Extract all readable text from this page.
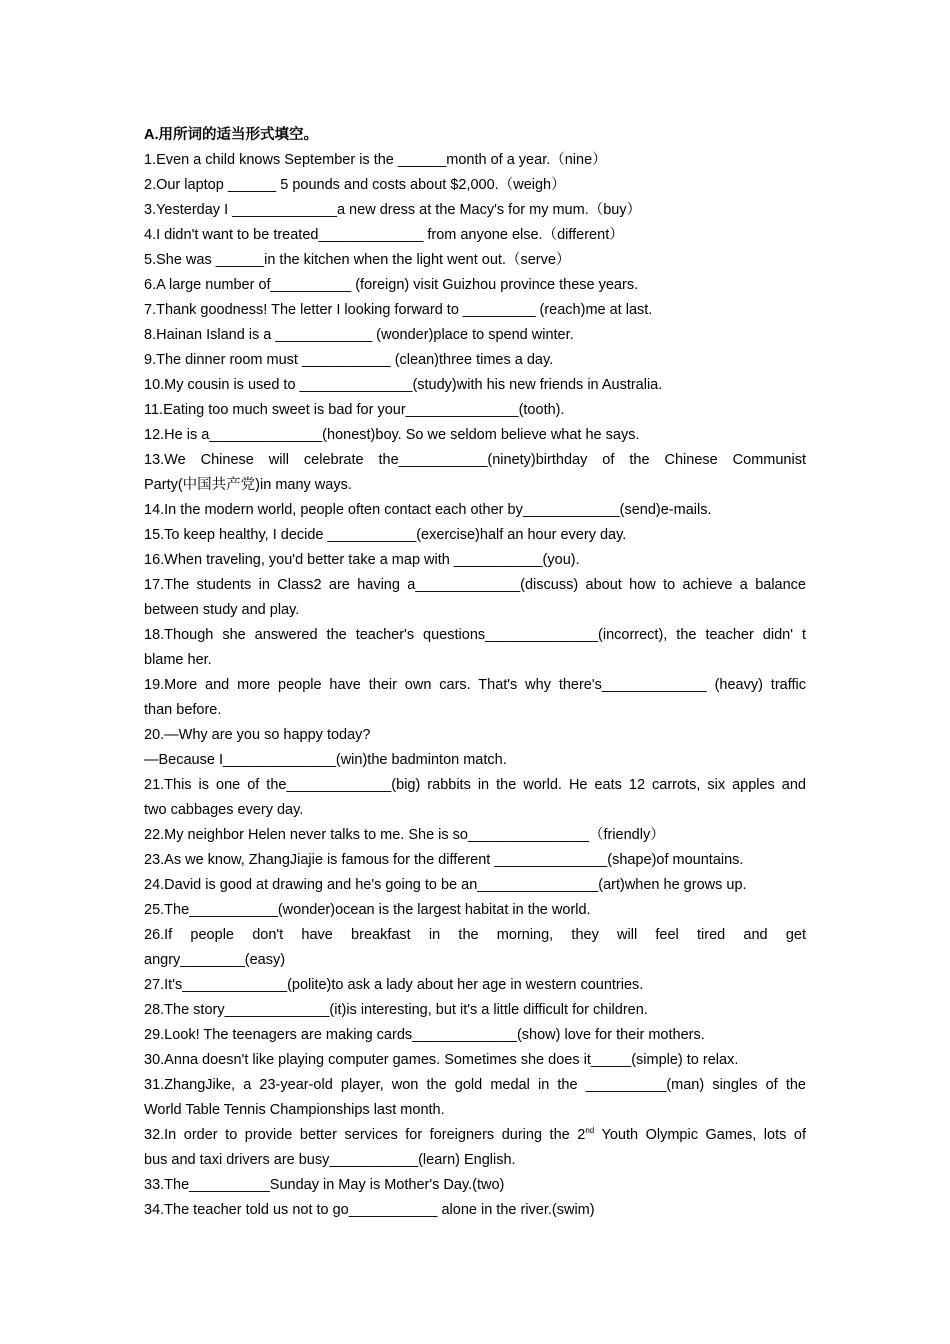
A.用所词的适当形式填空。
1.Even a child knows September is the ______month of a year.（nine）
2.Our laptop ______ 5 pounds and costs about $2,000.（weigh）
3.Yesterday I _____________a new dress at the Macy's for my mum.（buy）
4.I didn't want to be treated_____________ from anyone else.（different）
5.She was ______in the kitchen when the light went out.（serve）
6.A large number of__________ (foreign) visit Guizhou province these years.
7.Thank goodness! The letter I looking forward to _________ (reach)me at last.
8.Hainan Island is a ____________ (wonder)place to spend winter.
9.The dinner room must ___________ (clean)three times a day.
10.My cousin is used to ______________(study)with his new friends in Australia.
11.Eating too much sweet is bad for your______________(tooth).
12.He is a______________(honest)boy. So we seldom believe what he says.
13.We Chinese will celebrate the___________(ninety)birthday of the Chinese Communist
Party(中国共产党)in many ways.
14.In the modern world, people often contact each other by____________(send)e-mails.
15.To keep healthy, I decide ___________(exercise)half an hour every day.
16.When traveling, you'd better take a map with ___________(you).
17.The students in Class2 are having a_____________(discuss) about how to achieve a balance
between study and play.
18.Though she answered the teacher's questions______________(incorrect), the teacher didn' t
blame her.
19.More and more people have their own cars. That's why there's_____________ (heavy) traffic
than before.
20.—Why are you so happy today?
—Because I______________(win)the badminton match.
21.This is one of the_____________(big) rabbits in the world. He eats 12 carrots, six apples and
two cabbages every day.
22.My neighbor Helen never talks to me. She is so_______________（friendly）
23.As we know, ZhangJiajie is famous for the different ______________(shape)of mountains.
24.David is good at drawing and he's going to be an_______________(art)when he grows up.
25.The___________(wonder)ocean is the largest habitat in the world.
26.If people don't have breakfast in the morning, they will feel tired and get
angry________(easy)
27.It's_____________(polite)to ask a lady about her age in western countries.
28.The story_____________(it)is interesting, but it's a little difficult for children.
29.Look! The teenagers are making cards_____________(show) love for their mothers.
30.Anna doesn't like playing computer games. Sometimes she does it_____(simple) to relax.
31.ZhangJike, a 23-year-old player, won the gold medal in the __________(man) singles of the
World Table Tennis Championships last month.
32.In order to provide better services for foreigners during the 2nd Youth Olympic Games, lots of
bus and taxi drivers are busy___________(learn) English.
33.The__________Sunday in May is Mother's Day.(two)
34.The teacher told us not to go___________ alone in the river.(swim)
